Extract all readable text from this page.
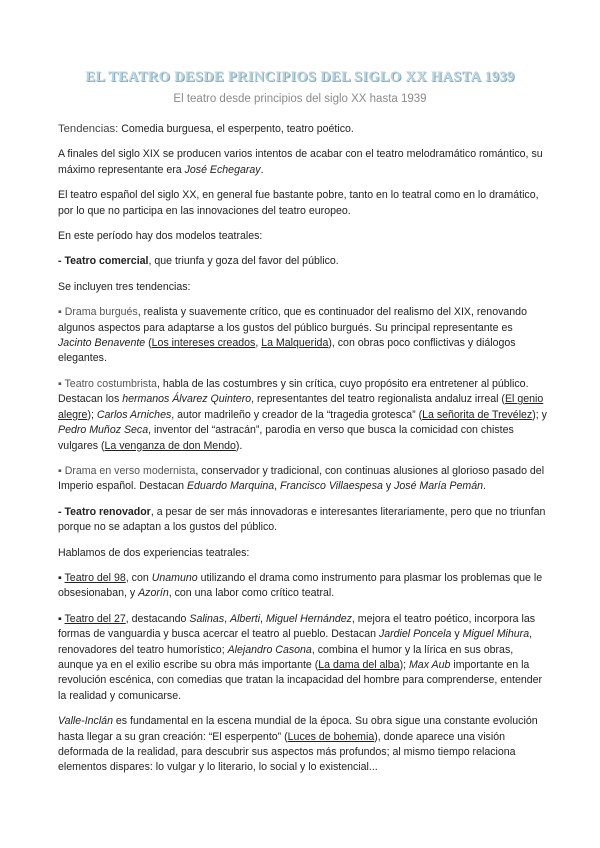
EL TEATRO DESDE PRINCIPIOS DEL SIGLO XX HASTA 1939
El teatro desde principios del siglo XX hasta 1939

Tendencias: Comedia burguesa, el esperpento, teatro poético.

A finales del siglo XIX se producen varios intentos de acabar con el teatro melodramático romántico, su máximo representante era José Echegaray.

El teatro español del siglo XX, en general fue bastante pobre, tanto en lo teatral como en lo dramático, por lo que no participa en las innovaciones del teatro europeo.

En este período hay dos modelos teatrales:

- Teatro comercial, que triunfa y goza del favor del público.

Se incluyen tres tendencias:

▪ Drama burgués, realista y suavemente crítico, que es continuador del realismo del XIX, renovando algunos aspectos para adaptarse a los gustos del público burgués. Su principal representante es Jacinto Benavente (Los intereses creados, La Malquerida), con obras poco conflictivas y diálogos elegantes.

▪ Teatro costumbrista, habla de las costumbres y sin crítica, cuyo propósito era entretener al público. Destacan los hermanos Álvarez Quintero, representantes del teatro regionalista andaluz irreal (El genio alegre); Carlos Arniches, autor madrileño y creador de la “tragedia grotesca” (La señorita de Trevélez); y Pedro Muñoz Seca, inventor del “astracán”, parodia en verso que busca la comicidad con chistes vulgares (La venganza de don Mendo).

▪ Drama en verso modernista, conservador y tradicional, con continuas alusiones al glorioso pasado del Imperio español. Destacan Eduardo Marquina, Francisco Villaespesa y José María Pemán.

- Teatro renovador, a pesar de ser más innovadoras e interesantes literariamente, pero que no triunfan porque no se adaptan a los gustos del público.

Hablamos de dos experiencias teatrales:

▪ Teatro del 98, con Unamuno utilizando el drama como instrumento para plasmar los problemas que le obsesionaban, y Azorín, con una labor como crítico teatral.

▪ Teatro del 27, destacando Salinas, Alberti, Miguel Hernández, mejora el teatro poético, incorpora las formas de vanguardia y busca acercar el teatro al pueblo. Destacan Jardiel Poncela y Miguel Mihura, renovadores del teatro humorístico; Alejandro Casona, combina el humor y la lírica en sus obras, aunque ya en el exilio escribe su obra más importante (La dama del alba); Max Aub importante en la revolución escénica, con comedias que tratan la incapacidad del hombre para comprenderse, entender la realidad y comunicarse.

Valle-Inclán es fundamental en la escena mundial de la época. Su obra sigue una constante evolución hasta llegar a su gran creación: “El esperpento” (Luces de bohemia), donde aparece una visión deformada de la realidad, para descubrir sus aspectos más profundos; al mismo tiempo relaciona elementos dispares: lo vulgar y lo literario, lo social y lo existencial...
